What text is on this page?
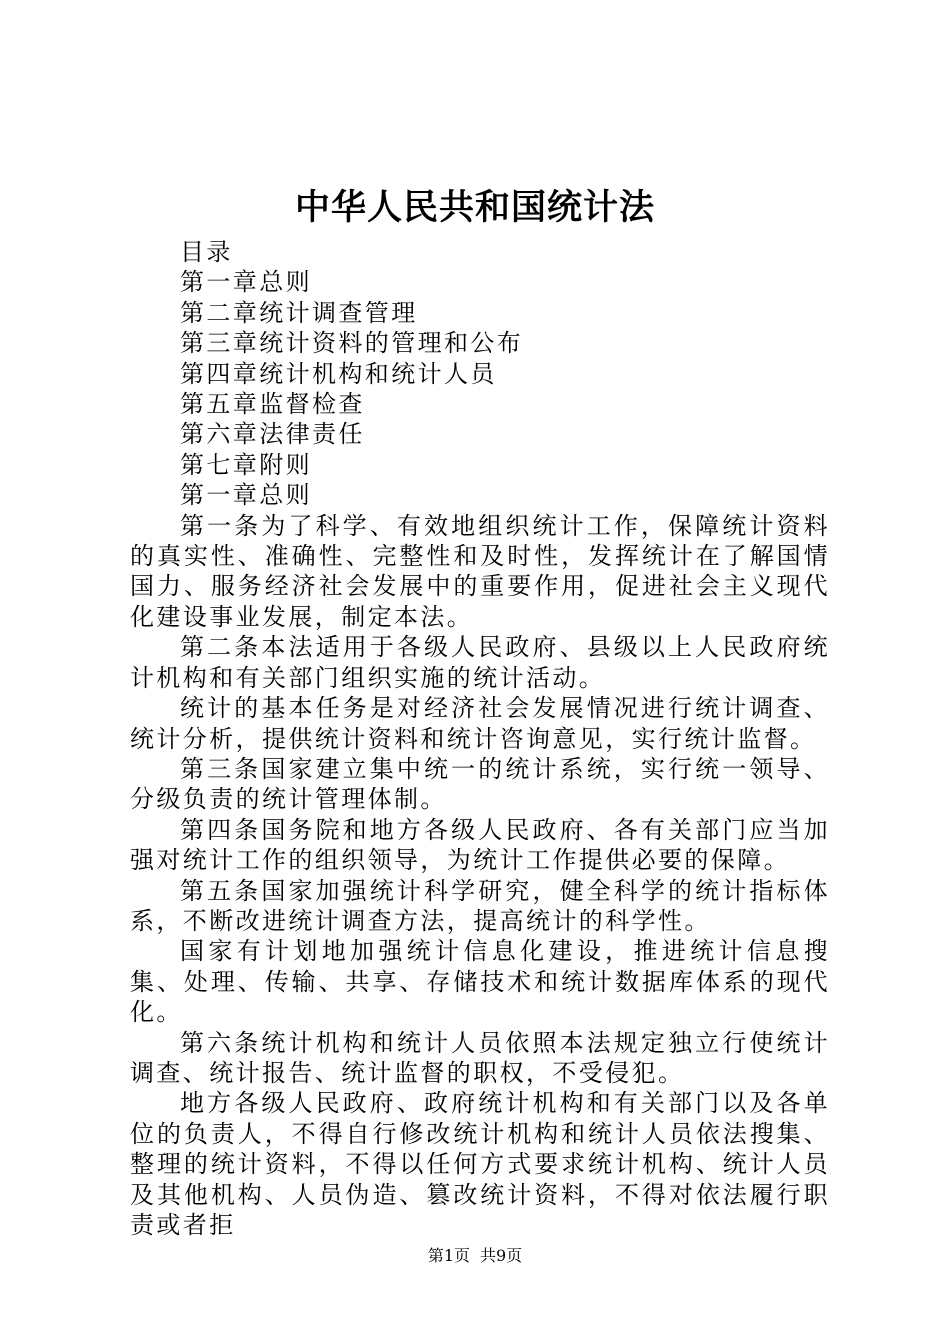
中华人民共和国统计法

目录

第一章总则

第二章统计调查管理

第三章统计资料的管理和公布

第四章统计机构和统计人员

第五章监督检查

第六章法律责任

第七章附则

第一章总则

第一条为了科学、有效地组织统计工作，保障统计资料的真实性、准确性、完整性和及时性，发挥统计在了解国情国力、服务经济社会发展中的重要作用，促进社会主义现代化建设事业发展，制定本法。

第二条本法适用于各级人民政府、县级以上人民政府统计机构和有关部门组织实施的统计活动。

统计的基本任务是对经济社会发展情况进行统计调查、统计分析，提供统计资料和统计咨询意见，实行统计监督。

第三条国家建立集中统一的统计系统，实行统一领导、分级负责的统计管理体制。

第四条国务院和地方各级人民政府、各有关部门应当加强对统计工作的组织领导，为统计工作提供必要的保障。

第五条国家加强统计科学研究，健全科学的统计指标体系，不断改进统计调查方法，提高统计的科学性。

国家有计划地加强统计信息化建设，推进统计信息搜集、处理、传输、共享、存储技术和统计数据库体系的现代化。

第六条统计机构和统计人员依照本法规定独立行使统计调查、统计报告、统计监督的职权，不受侵犯。

地方各级人民政府、政府统计机构和有关部门以及各单位的负责人，不得自行修改统计机构和统计人员依法搜集、整理的统计资料，不得以任何方式要求统计机构、统计人员及其他机构、人员伪造、篡改统计资料，不得对依法履行职责或者拒

第1页 共9页
